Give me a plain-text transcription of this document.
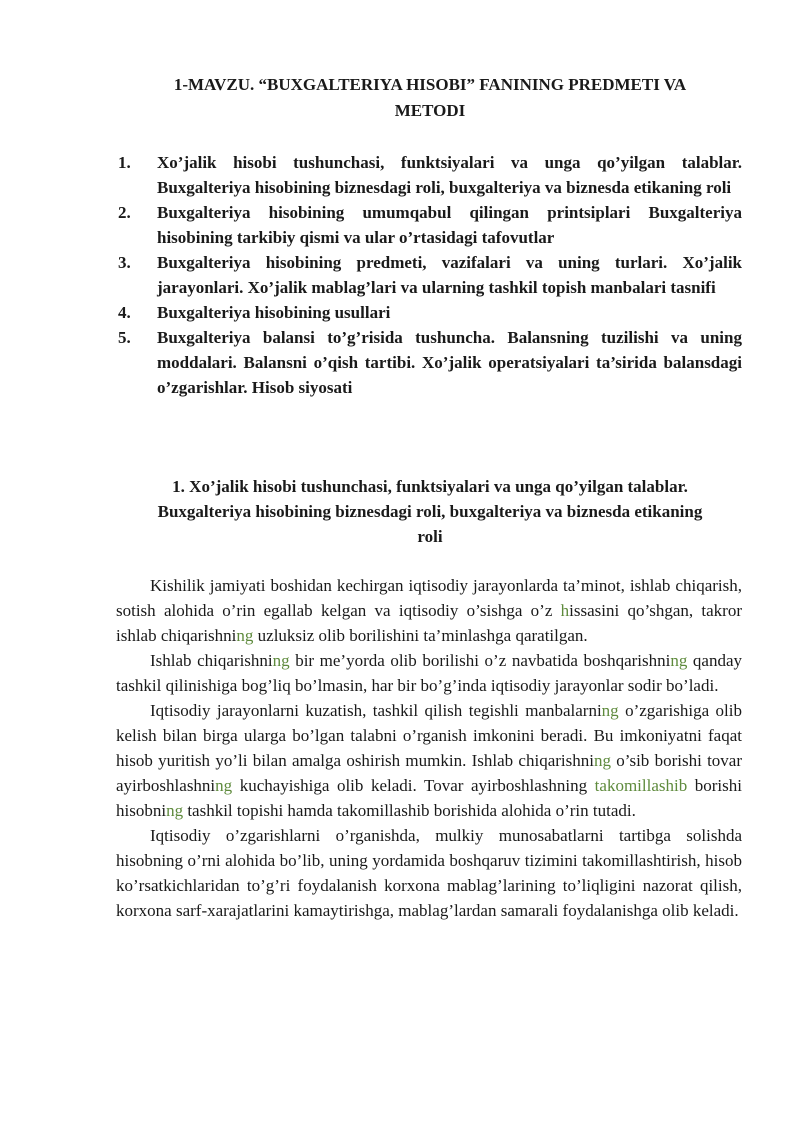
1-MAVZU. “BUXGALTERIYA HISOBI” FANINING PREDMETI VA
METODI
1.	Xo’jalik hisobi tushunchasi, funktsiyalari va unga qo’yilgan talablar. Buxgalteriya hisobining biznesdagi roli, buxgalteriya va biznesda etikaning roli
2.	Buxgalteriya hisobining umumqabul qilingan printsiplari Buxgalteriya hisobining tarkibiy qismi va ular o’rtasidagi tafovutlar
3.	Buxgalteriya hisobining predmeti, vazifalari va uning turlari. Xo’jalik jarayonlari. Xo’jalik mablag’lari va ularning tashkil topish manbalari tasnifi
4.	Buxgalteriya hisobining usullari
5.	Buxgalteriya balansi to’g’risida tushuncha. Balansning tuzilishi va uning moddalari. Balansni o’qish tartibi. Xo’jalik operatsiyalari ta’sirida balansdagi o’zgarishlar. Hisob siyosati
1. Xo’jalik hisobi tushunchasi, funktsiyalari va unga qo’yilgan talablar.
Buxgalteriya hisobining biznesdagi roli, buxgalteriya va biznesda etikaning
roli

Kishilik jamiyati boshidan kechirgan iqtisodiy jarayonlarda ta’minot, ishlab chiqarish, sotish alohida o’rin egallab kelgan va iqtisodiy o’sishga o’z hissasini qo’shgan, takror ishlab chiqarishning uzluksiz olib borilishini ta’minlashga qaratilgan.

Ishlab chiqarishning bir me’yorda olib borilishi o’z navbatida boshqarishning qanday tashkil qilinishiga bog’liq bo’lmasin, har bir bo’g’inda iqtisodiy jarayonlar sodir bo’ladi.

Iqtisodiy jarayonlarni kuzatish, tashkil qilish tegishli manbalarning o’zgarishiga olib kelish bilan birga ularga bo’lgan talabni o’rganish imkonini beradi. Bu imkoniyatni faqat hisob yuritish yo’li bilan amalga oshirish mumkin. Ishlab chiqarishning o’sib borishi tovar ayirboshlashning kuchayishiga olib keladi. Tovar ayirboshlashning takomillashib borishi hisobning tashkil topishi hamda takomillashib borishida alohida o’rin tutadi.

Iqtisodiy o’zgarishlarni o’rganishda, mulkiy munosabatlarni tartibga solishda hisobning o’rni alohida bo’lib, uning yordamida boshqaruv tizimini takomillashtirish, hisob ko’rsatkichlaridan to’g’ri foydalanish korxona mablag’larining to’liqligini nazorat qilish, korxona sarf-xarajatlarini kamaytirishga, mablag’lardan samarali foydalanishga olib keladi.
